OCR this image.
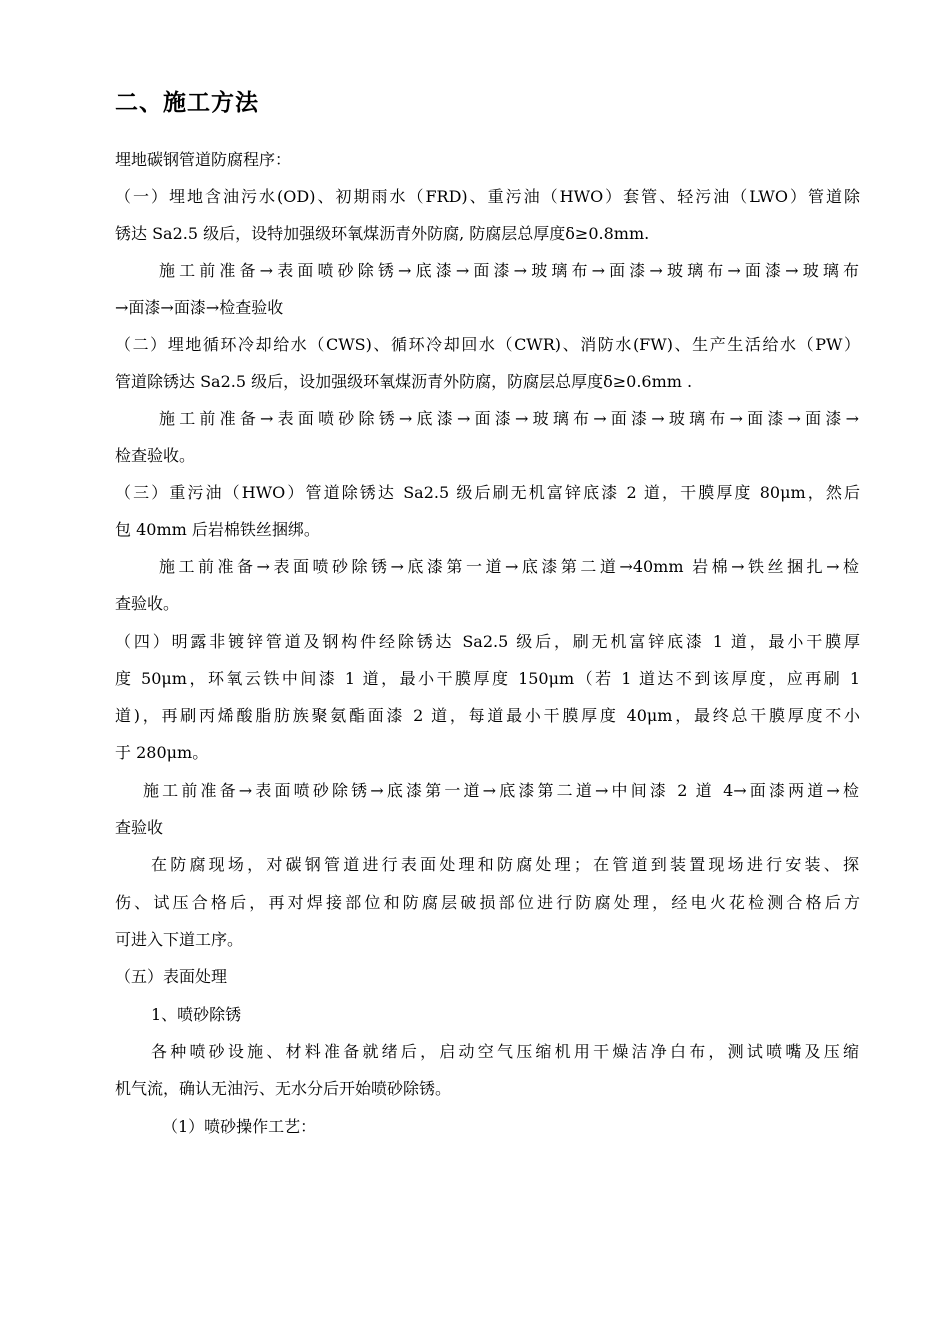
二、施工方法
埋地碳钢管道防腐程序：
（一）埋地含油污水(OD)、初期雨水（FRD)、重污油（HWO）套管、轻污油（LWO）管道除
锈达 Sa2.5 级后，设特加强级环氧煤沥青外防腐, 防腐层总厚度δ≥0.8mm.
施工前准备→表面喷砂除锈→底漆→面漆→玻璃布→面漆→玻璃布→面漆→玻璃布
→面漆→面漆→检查验收
（二）埋地循环冷却给水（CWS)、循环冷却回水（CWR)、消防水(FW)、生产生活给水（PW）
管道除锈达 Sa2.5 级后，设加强级环氧煤沥青外防腐，防腐层总厚度δ≥0.6mm .
施工前准备→表面喷砂除锈→底漆→面漆→玻璃布→面漆→玻璃布→面漆→面漆→
检查验收。
（三）重污油（HWO）管道除锈达 Sa2.5 级后刷无机富锌底漆 2 道，干膜厚度 80μm，然后
包 40mm 后岩棉铁丝捆绑。
施工前准备→表面喷砂除锈→底漆第一道→底漆第二道→40mm 岩棉→铁丝捆扎→检
查验收。
（四）明露非镀锌管道及钢构件经除锈达 Sa2.5 级后，刷无机富锌底漆 1 道，最小干膜厚
度 50μm，环氧云铁中间漆 1 道，最小干膜厚度 150μm（若 1 道达不到该厚度，应再刷 1
道)，再刷丙烯酸脂肪族聚氨酯面漆 2 道，每道最小干膜厚度 40μm，最终总干膜厚度不小
于 280μm。
施工前准备→表面喷砂除锈→底漆第一道→底漆第二道→中间漆 2 道 4→面漆两道→检
查验收
在防腐现场，对碳钢管道进行表面处理和防腐处理；在管道到装置现场进行安装、探
伤、试压合格后，再对焊接部位和防腐层破损部位进行防腐处理，经电火花检测合格后方
可进入下道工序。
（五）表面处理
1、喷砂除锈
各种喷砂设施、材料准备就绪后，启动空气压缩机用干燥洁净白布，测试喷嘴及压缩
机气流，确认无油污、无水分后开始喷砂除锈。
（1）喷砂操作工艺：
